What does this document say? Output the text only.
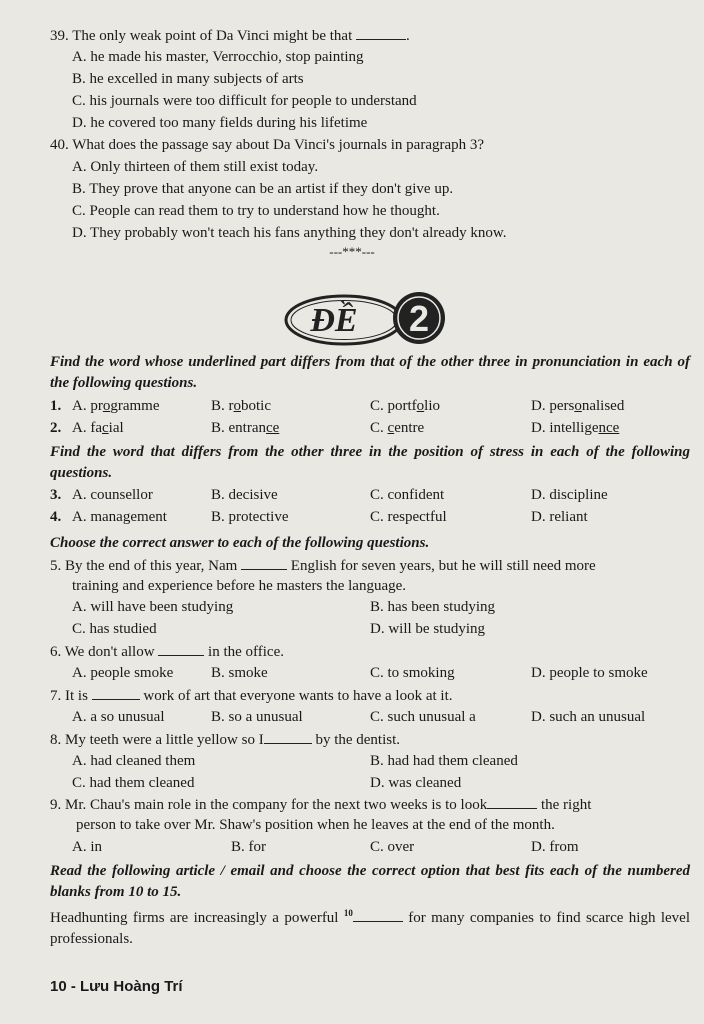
39. The only weak point of Da Vinci might be that	.
A. he made his master, Verrocchio, stop painting
B. he excelled in many subjects of arts
C. his journals were too difficult for people to understand
D. he covered too many fields during his lifetime
40. What does the passage say about Da Vinci's journals in paragraph 3?
A. Only thirteen of them still exist today.
B. They prove that anyone can be an artist if they don't give up.
C. People can read them to try to understand how he thought.
D. They probably won't teach his fans anything they don't already know.
---***---
ĐỀ 2
Find the word whose underlined part differs from that of the other three in pronunciation in each of the following questions.
1. A. programme	B. robotic	C. portfolio	D. personalised
2. A. facial	B. entrance	C. centre	D. intelligence
Find the word that differs from the other three in the position of stress in each of the following questions.
3. A. counsellor	B. decisive	C. confident	D. discipline
4. A. management	B. protective	C. respectful	D. reliant
Choose the correct answer to each of the following questions.
5. By the end of this year, Nam	English for seven years, but he will still need more
training and experience before he masters the language.
A. will have been studying	B. has been studying
C. has studied	D. will be studying
6. We don't allow	in the office.
A. people smoke	B. smoke	C. to smoking	D. people to smoke
7. It is	work of art that everyone wants to have a look at it.
A. a so unusual	B. so a unusual	C. such unusual a	D. such an unusual
8. My teeth were a little yellow so I	by the dentist.
A. had cleaned them	B. had had them cleaned
C. had them cleaned	D. was cleaned
9. Mr. Chau's main role in the company for the next two weeks is to look	the right
person to take over Mr. Shaw's position when he leaves at the end of the month.
A. in	B. for	C. over	D. from
Read the following article / email and choose the correct option that best fits each of the numbered blanks from 10 to 15.
Headhunting firms are increasingly a powerful $^{10}$	for many companies to find scarce high level professionals.
10 - Lưu Hoàng Trí
